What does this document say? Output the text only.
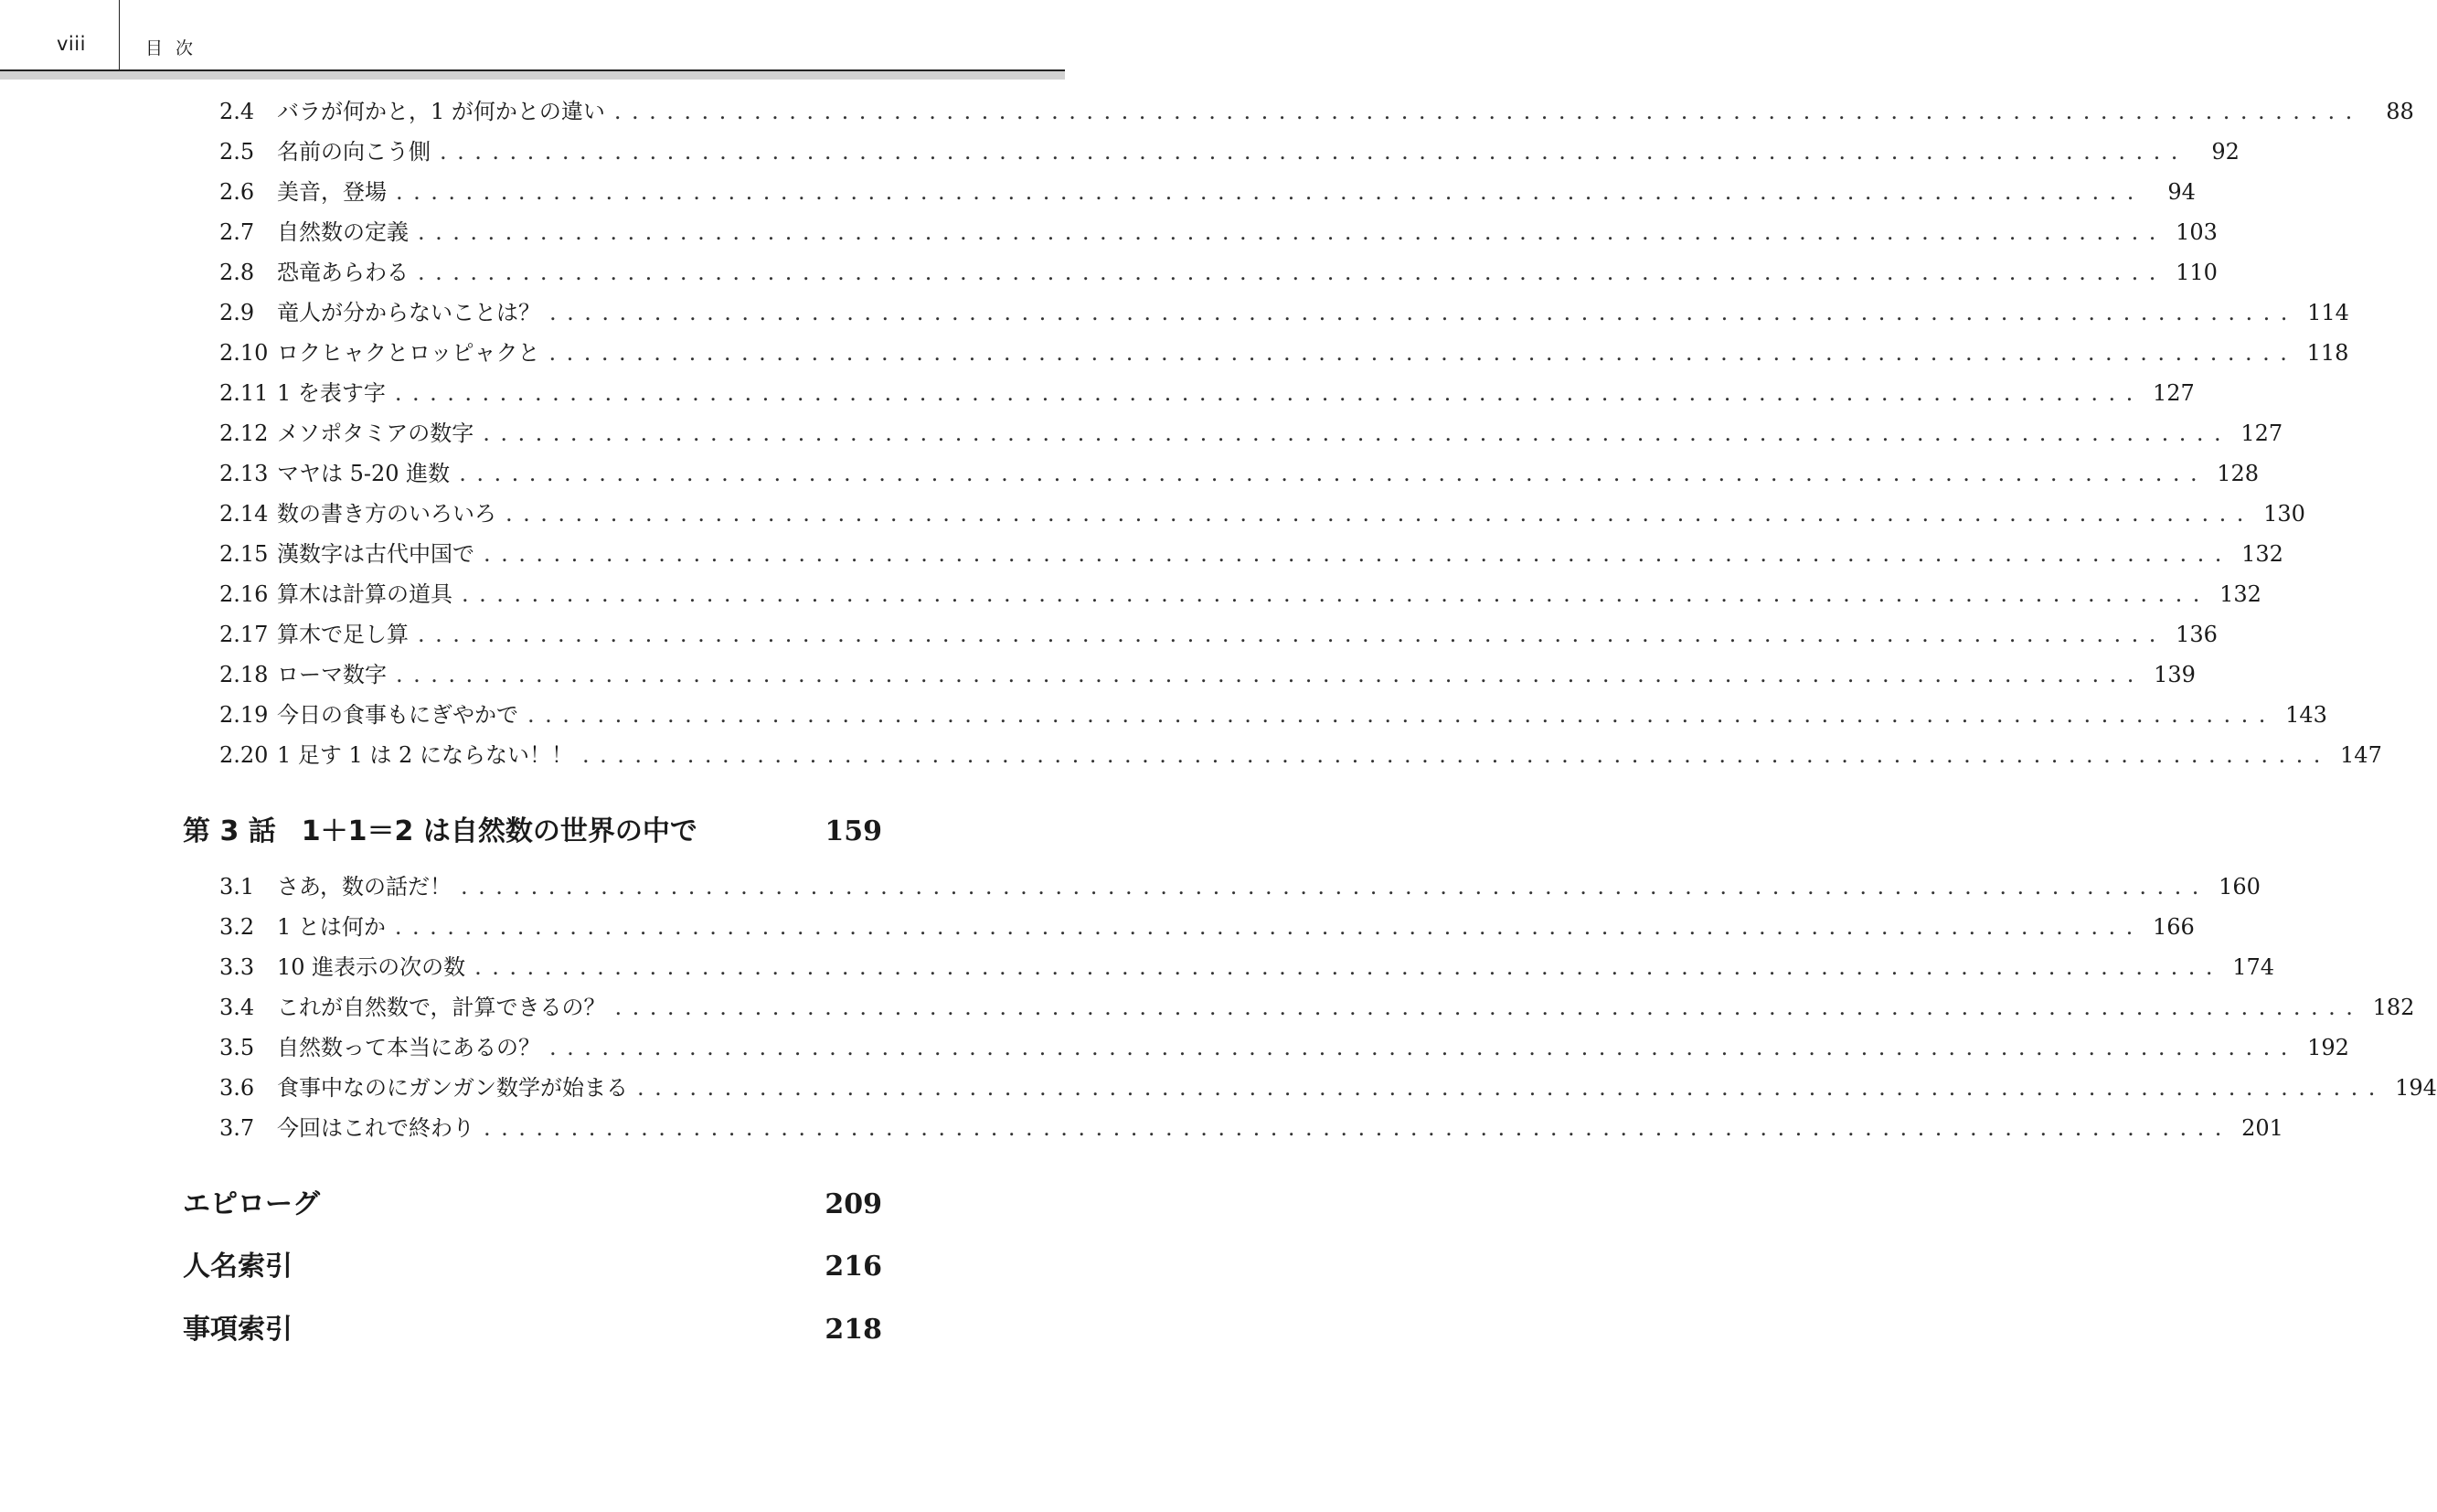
viii	目次
2.4 バラが何かと，1 が何かとの違い ....................................................................................................	88
2.5 名前の向こう側 ....................................................................................................	92
2.6 美音，登場 ....................................................................................................	94
2.7 自然数の定義 .................................................................................................... 103
2.8 恐竜あらわる .................................................................................................... 110
2.9 竜人が分からないことは？ .................................................................................................... 114
2.10 ロクヒャクとロッピャクと .................................................................................................... 118
2.11 1 を表す字 .................................................................................................... 127
2.12 メソポタミアの数字 .................................................................................................... 127
2.13 マヤは 5-20 進数 .................................................................................................... 128
2.14 数の書き方のいろいろ .................................................................................................... 130
2.15 漢数字は古代中国で .................................................................................................... 132
2.16 算木は計算の道具 .................................................................................................... 132
2.17 算木で足し算 .................................................................................................... 136
2.18 ローマ数字 .................................................................................................... 139
2.19 今日の食事もにぎやかで .................................................................................................... 143
2.20 1 足す 1 は 2 にならない！！ .................................................................................................... 147
第 3 話 1＋1＝2 は自然数の世界の中で	159
3.1 さあ，数の話だ！ .................................................................................................... 160
3.2 1 とは何か .................................................................................................... 166
3.3 10 進表示の次の数 .................................................................................................... 174
3.4 これが自然数で，計算できるの？ .................................................................................................... 182
3.5 自然数って本当にあるの？ .................................................................................................... 192
3.6 食事中なのにガンガン数学が始まる .................................................................................................... 194
3.7 今回はこれで終わり .................................................................................................... 201
エピローグ	209
人名索引	216
事項索引	218
